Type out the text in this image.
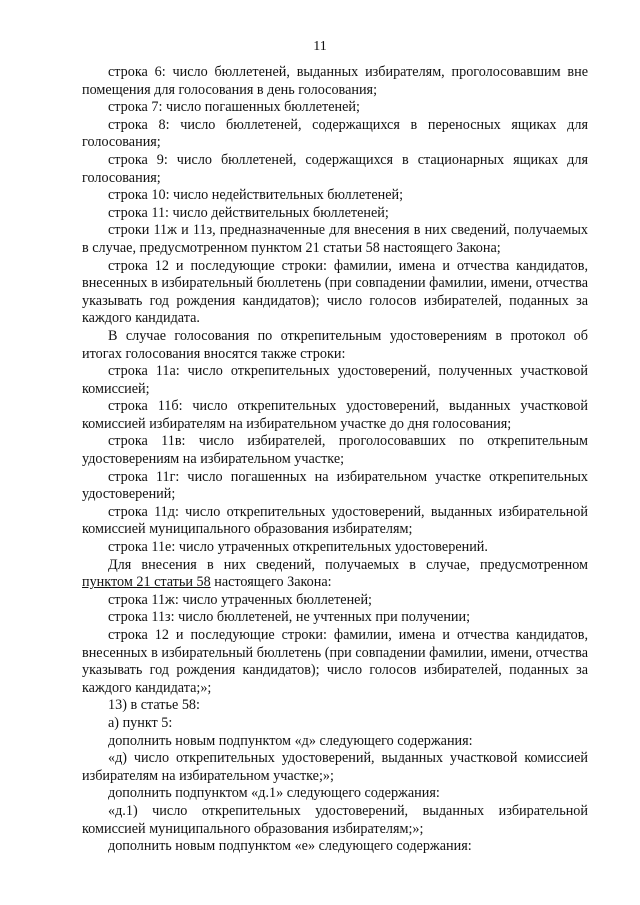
11

строка 6: число бюллетеней, выданных избирателям, проголосовавшим вне помещения для голосования в день голосования;

строка 7: число погашенных бюллетеней;

строка 8: число бюллетеней, содержащихся в переносных ящиках для голосования;

строка 9: число бюллетеней, содержащихся в стационарных ящиках для голосования;

строка 10: число недействительных бюллетеней;

строка 11: число действительных бюллетеней;

строки 11ж и 11з, предназначенные для внесения в них сведений, получаемых в случае, предусмотренном пунктом 21 статьи 58 настоящего Закона;

строка 12 и последующие строки: фамилии, имена и отчества кандидатов, внесенных в избирательный бюллетень (при совпадении фамилии, имени, отчества указывать год рождения кандидатов); число голосов избирателей, поданных за каждого кандидата.

В случае голосования по открепительным удостоверениям в протокол об итогах голосования вносятся также строки:

строка 11а: число открепительных удостоверений, полученных участковой комиссией;

строка 11б: число открепительных удостоверений, выданных участковой комиссией избирателям на избирательном участке до дня голосования;

строка 11в: число избирателей, проголосовавших по открепительным удостоверениям на избирательном участке;

строка 11г: число погашенных на избирательном участке открепительных удостоверений;

строка 11д: число открепительных удостоверений, выданных избирательной комиссией муниципального образования избирателям;

строка 11е: число утраченных открепительных удостоверений.

Для внесения в них сведений, получаемых в случае, предусмотренном пунктом 21 статьи 58 настоящего Закона:

строка 11ж: число утраченных бюллетеней;

строка 11з: число бюллетеней, не учтенных при получении;

строка 12 и последующие строки: фамилии, имена и отчества кандидатов, внесенных в избирательный бюллетень (при совпадении фамилии, имени, отчества указывать год рождения кандидатов); число голосов избирателей, поданных за каждого кандидата;»;

13) в статье 58:

а) пункт 5:

дополнить новым подпунктом «д» следующего содержания:

«д) число открепительных удостоверений, выданных участковой комиссией избирателям на избирательном участке;»;

дополнить подпунктом «д.1» следующего содержания:

«д.1) число открепительных удостоверений, выданных избирательной комиссией муниципального образования избирателям;»;

дополнить новым подпунктом «е» следующего содержания:
